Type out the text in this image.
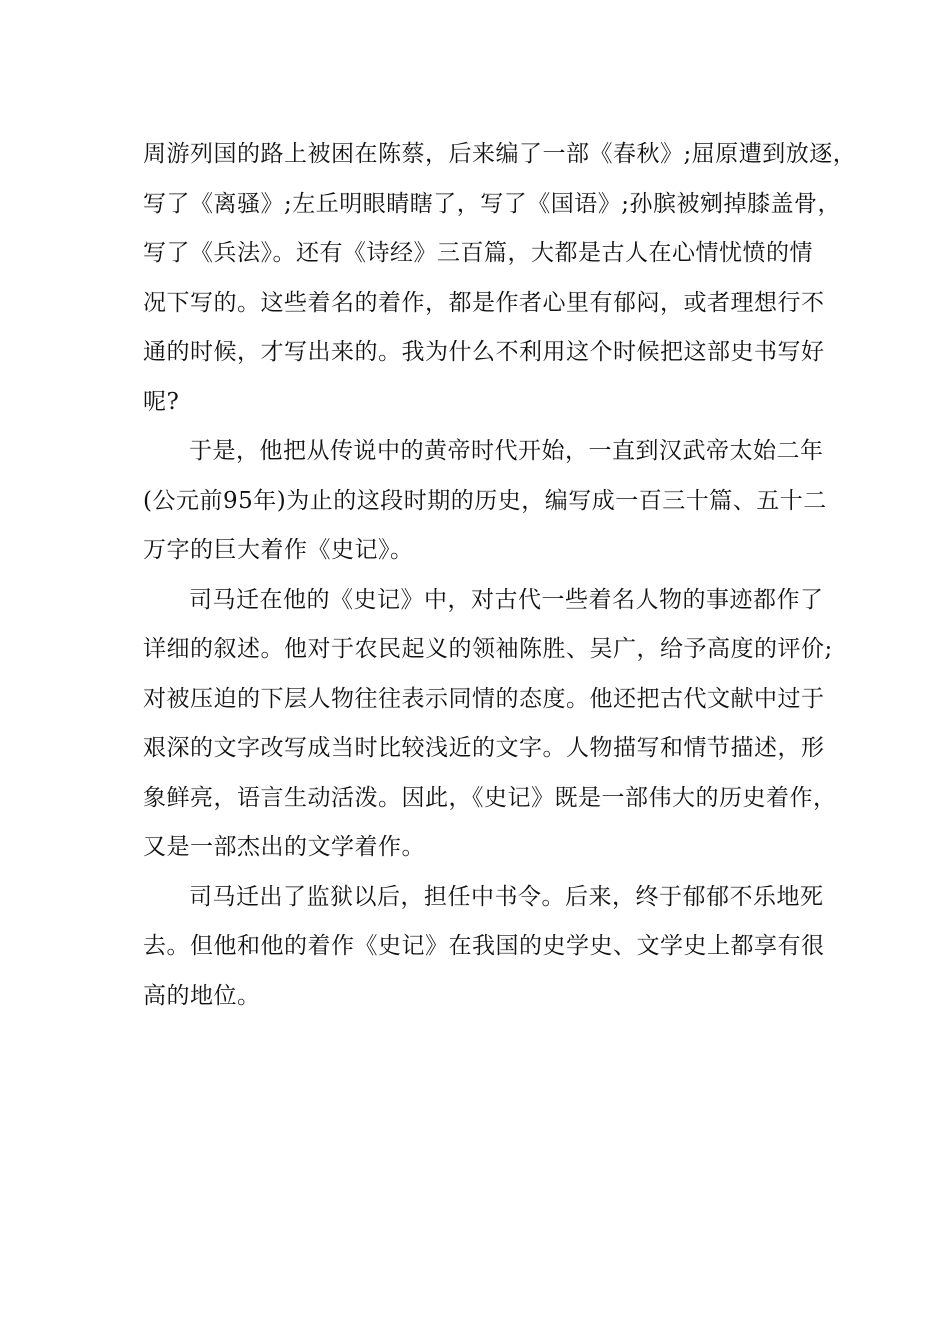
周游列国的路上被困在陈蔡，后来编了一部《春秋》;屈原遭到放逐，
写了《离骚》;左丘明眼睛瞎了，写了《国语》;孙膑被剜掉膝盖骨，
写了《兵法》。还有《诗经》三百篇，大都是古人在心情忧愤的情
况下写的。这些着名的着作，都是作者心里有郁闷，或者理想行不
通的时候，才写出来的。我为什么不利用这个时候把这部史书写好
呢?
于是，他把从传说中的黄帝时代开始，一直到汉武帝太始二年
(公元前95年)为止的这段时期的历史，编写成一百三十篇、五十二
万字的巨大着作《史记》。
司马迁在他的《史记》中，对古代一些着名人物的事迹都作了
详细的叙述。他对于农民起义的领袖陈胜、吴广，给予高度的评价;
对被压迫的下层人物往往表示同情的态度。他还把古代文献中过于
艰深的文字改写成当时比较浅近的文字。人物描写和情节描述，形
象鲜亮，语言生动活泼。因此，《史记》既是一部伟大的历史着作，
又是一部杰出的文学着作。
司马迁出了监狱以后，担任中书令。后来，终于郁郁不乐地死
去。但他和他的着作《史记》在我国的史学史、文学史上都享有很
高的地位。
